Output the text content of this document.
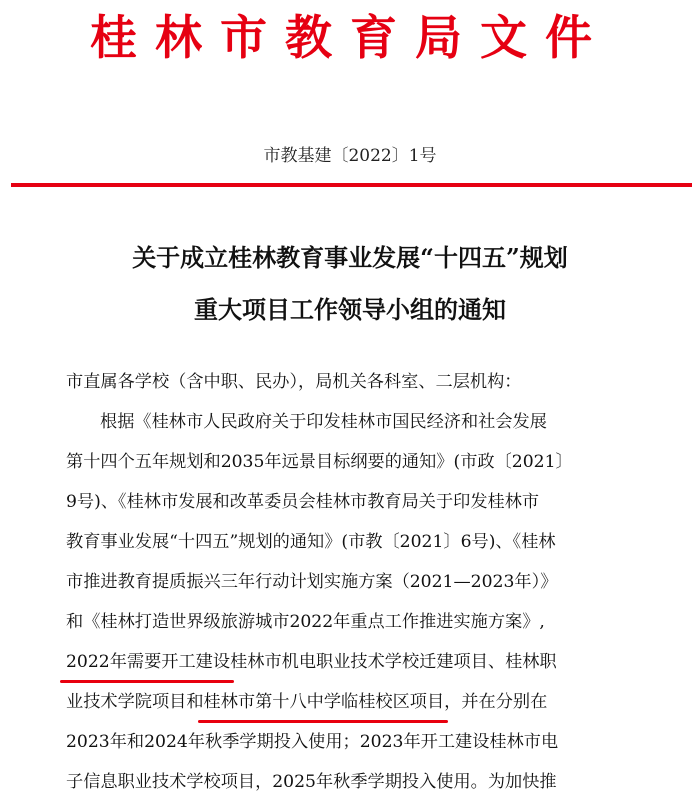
桂林市教育局文件
市教基建〔2022〕1号
关于成立桂林教育事业发展“十四五”规划
重大项目工作领导小组的通知
市直属各学校（含中职、民办），局机关各科室、二层机构：
根据《桂林市人民政府关于印发桂林市国民经济和社会发展
第十四个五年规划和2035年远景目标纲要的通知》(市政〔2021〕
9号)、《桂林市发展和改革委员会桂林市教育局关于印发桂林市
教育事业发展“十四五”规划的通知》(市教〔2021〕6号)、《桂林
市推进教育提质振兴三年行动计划实施方案（2021—2023年）》
和《桂林打造世界级旅游城市2022年重点工作推进实施方案》,
2022年需要开工建设桂林市机电职业技术学校迁建项目、桂林职
业技术学院项目和桂林市第十八中学临桂校区项目，并在分别在
2023年和2024年秋季学期投入使用；2023年开工建设桂林市电
子信息职业技术学校项目，2025年秋季学期投入使用。为加快推
